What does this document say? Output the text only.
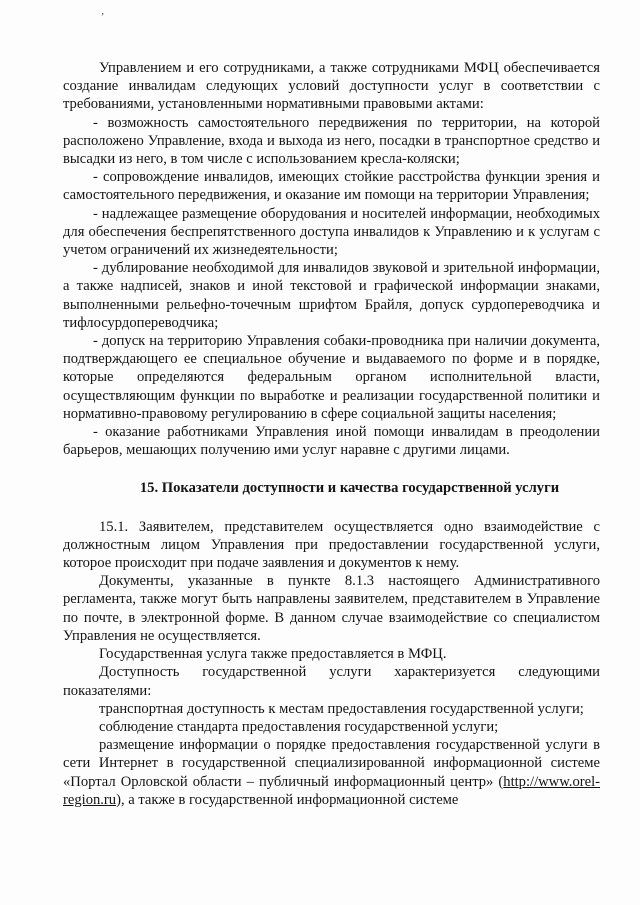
‚

Управлением и его сотрудниками, а также сотрудниками МФЦ обеспечивается создание инвалидам следующих условий доступности услуг в соответствии с требованиями, установленными нормативными правовыми актами:

- возможность самостоятельного передвижения по территории, на которой расположено Управление, входа и выхода из него, посадки в транспортное средство и высадки из него, в том числе с использованием кресла-коляски;

- сопровождение инвалидов, имеющих стойкие расстройства функции зрения и самостоятельного передвижения, и оказание им помощи на территории Управления;

- надлежащее размещение оборудования и носителей информации, необходимых для обеспечения беспрепятственного доступа инвалидов к Управлению и к услугам с учетом ограничений их жизнедеятельности;

- дублирование необходимой для инвалидов звуковой и зрительной информации, а также надписей, знаков и иной текстовой и графической информации знаками, выполненными рельефно-точечным шрифтом Брайля, допуск сурдопереводчика и тифлосурдопереводчика;

- допуск на территорию Управления собаки-проводника при наличии документа, подтверждающего ее специальное обучение и выдаваемого по форме и в порядке, которые определяются федеральным органом исполнительной власти, осуществляющим функции по выработке и реализации государственной политики и нормативно-правовому регулированию в сфере социальной защиты населения;

- оказание работниками Управления иной помощи инвалидам в преодолении барьеров, мешающих получению ими услуг наравне с другими лицами.

15. Показатели доступности и качества государственной услуги

15.1. Заявителем, представителем осуществляется одно взаимодействие с должностным лицом Управления при предоставлении государственной услуги, которое происходит при подаче заявления и документов к нему.

Документы, указанные в пункте 8.1.3 настоящего Административного регламента, также могут быть направлены заявителем, представителем в Управление по почте, в электронной форме. В данном случае взаимодействие со специалистом Управления не осуществляется.

Государственная услуга также предоставляется в МФЦ.

Доступность государственной услуги характеризуется следующими показателями:

транспортная доступность к местам предоставления государственной услуги;

соблюдение стандарта предоставления государственной услуги;

размещение информации о порядке предоставления государственной услуги в сети Интернет в государственной специализированной информационной системе «Портал Орловской области – публичный информационный центр» (http://www.orel-region.ru), а также в государственной информационной системе
